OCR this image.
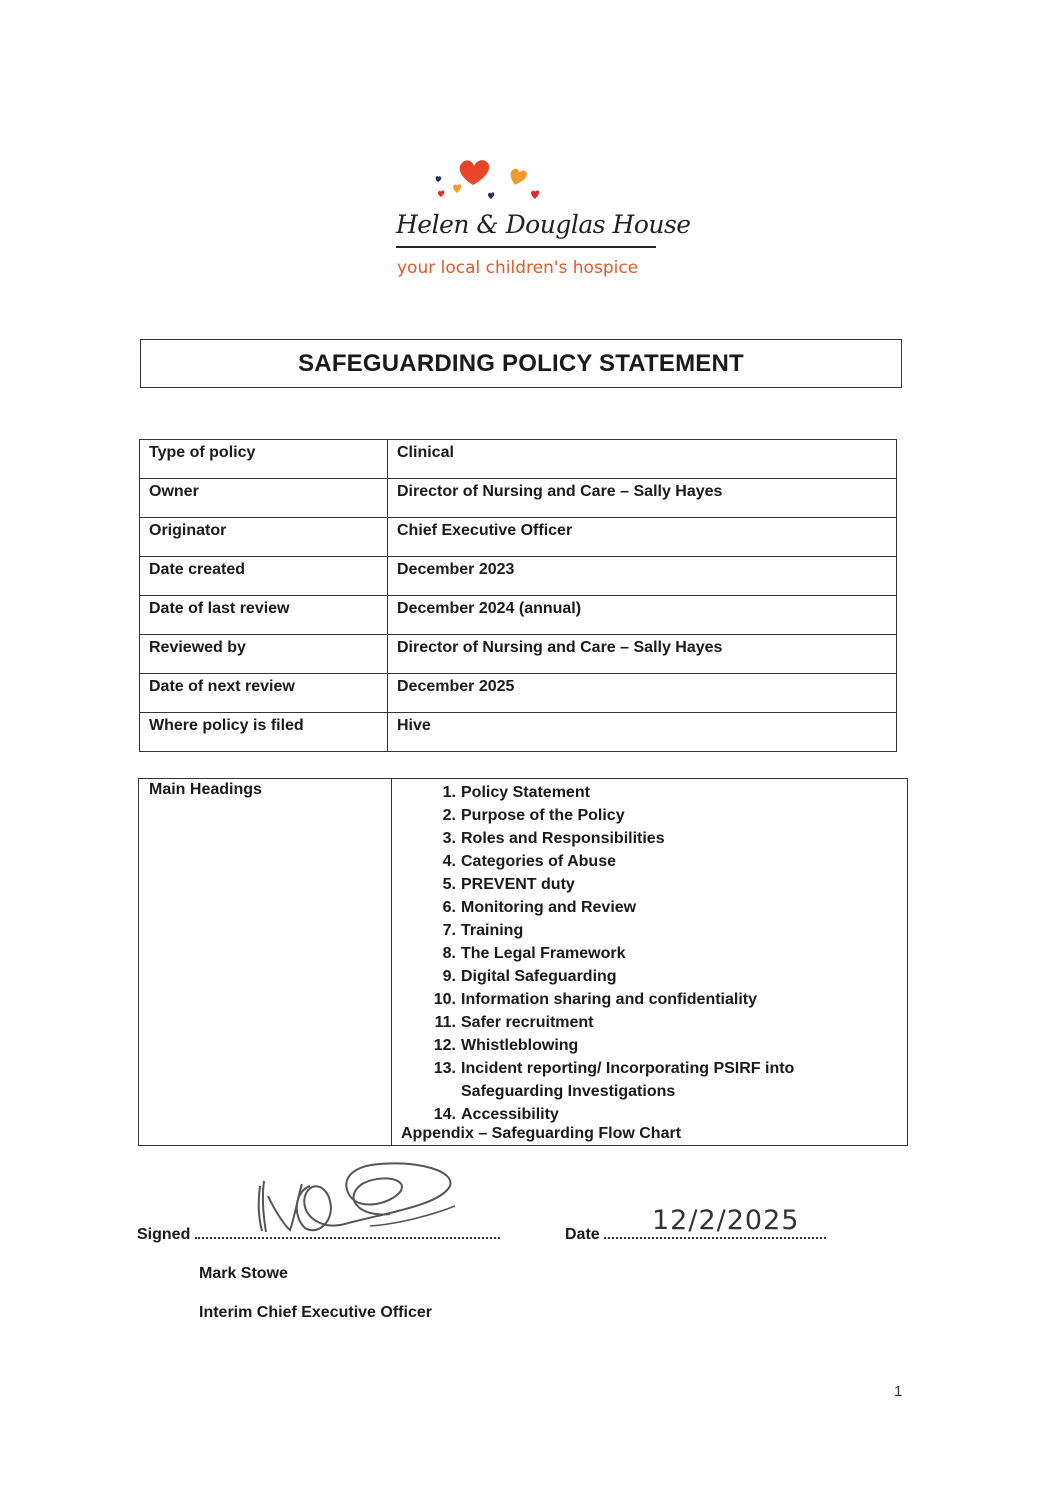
Helen & Douglas House
your local children's hospice
SAFEGUARDING POLICY STATEMENT
Type of policy	Clinical
Owner	Director of Nursing and Care – Sally Hayes
Originator	Chief Executive Officer
Date created	December 2023
Date of last review	December 2024 (annual)
Reviewed by	Director of Nursing and Care – Sally Hayes
Date of next review	December 2025
Where policy is filed	Hive
Main Headings	1. Policy Statement
2. Purpose of the Policy
3. Roles and Responsibilities
4. Categories of Abuse
5. PREVENT duty
6. Monitoring and Review
7. Training
8. The Legal Framework
9. Digital Safeguarding
10. Information sharing and confidentiality
11. Safer recruitment
12. Whistleblowing
13. Incident reporting/ Incorporating PSIRF into
Safeguarding Investigations
14. Accessibility
Appendix – Safeguarding Flow Chart
Signed	Date	12/2/2025
Mark Stowe
Interim Chief Executive Officer
1
